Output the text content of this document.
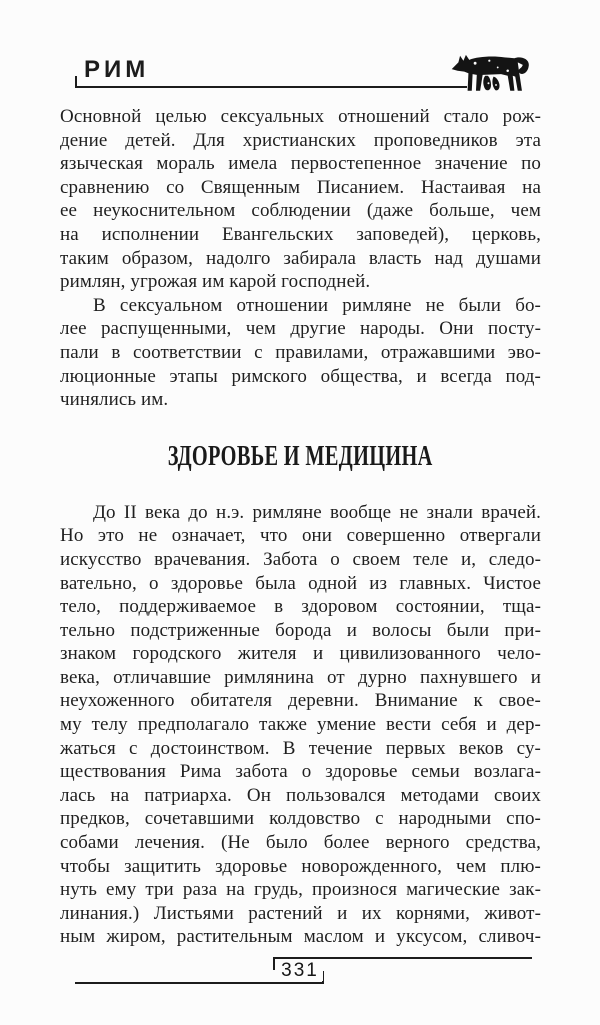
РИМ
Основной целью сексуальных отношений стало рож-
дение детей. Для христианских проповедников эта
языческая мораль имела первостепенное значение по
сравнению со Священным Писанием. Настаивая на
ее неукоснительном соблюдении (даже больше, чем
на исполнении Евангельских заповедей), церковь,
таким образом, надолго забирала власть над душами
римлян, угрожая им карой господней.
В сексуальном отношении римляне не были бо-
лее распущенными, чем другие народы. Они посту-
пали в соответствии с правилами, отражавшими эво-
люционные этапы римского общества, и всегда под-
чинялись им.
ЗДОРОВЬЕ И МЕДИЦИНА
До II века до н.э. римляне вообще не знали врачей.
Но это не означает, что они совершенно отвергали
искусство врачевания. Забота о своем теле и, следо-
вательно, о здоровье была одной из главных. Чистое
тело, поддерживаемое в здоровом состоянии, тща-
тельно подстриженные борода и волосы были при-
знаком городского жителя и цивилизованного чело-
века, отличавшие римлянина от дурно пахнувшего и
неухоженного обитателя деревни. Внимание к свое-
му телу предполагало также умение вести себя и дер-
жаться с достоинством. В течение первых веков су-
ществования Рима забота о здоровье семьи возлага-
лась на патриарха. Он пользовался методами своих
предков, сочетавшими колдовство с народными спо-
собами лечения. (Не было более верного средства,
чтобы защитить здоровье новорожденного, чем плю-
нуть ему три раза на грудь, произнося магические зак-
линания.) Листьями растений и их корнями, живот-
ным жиром, растительным маслом и уксусом, сливоч-
331
